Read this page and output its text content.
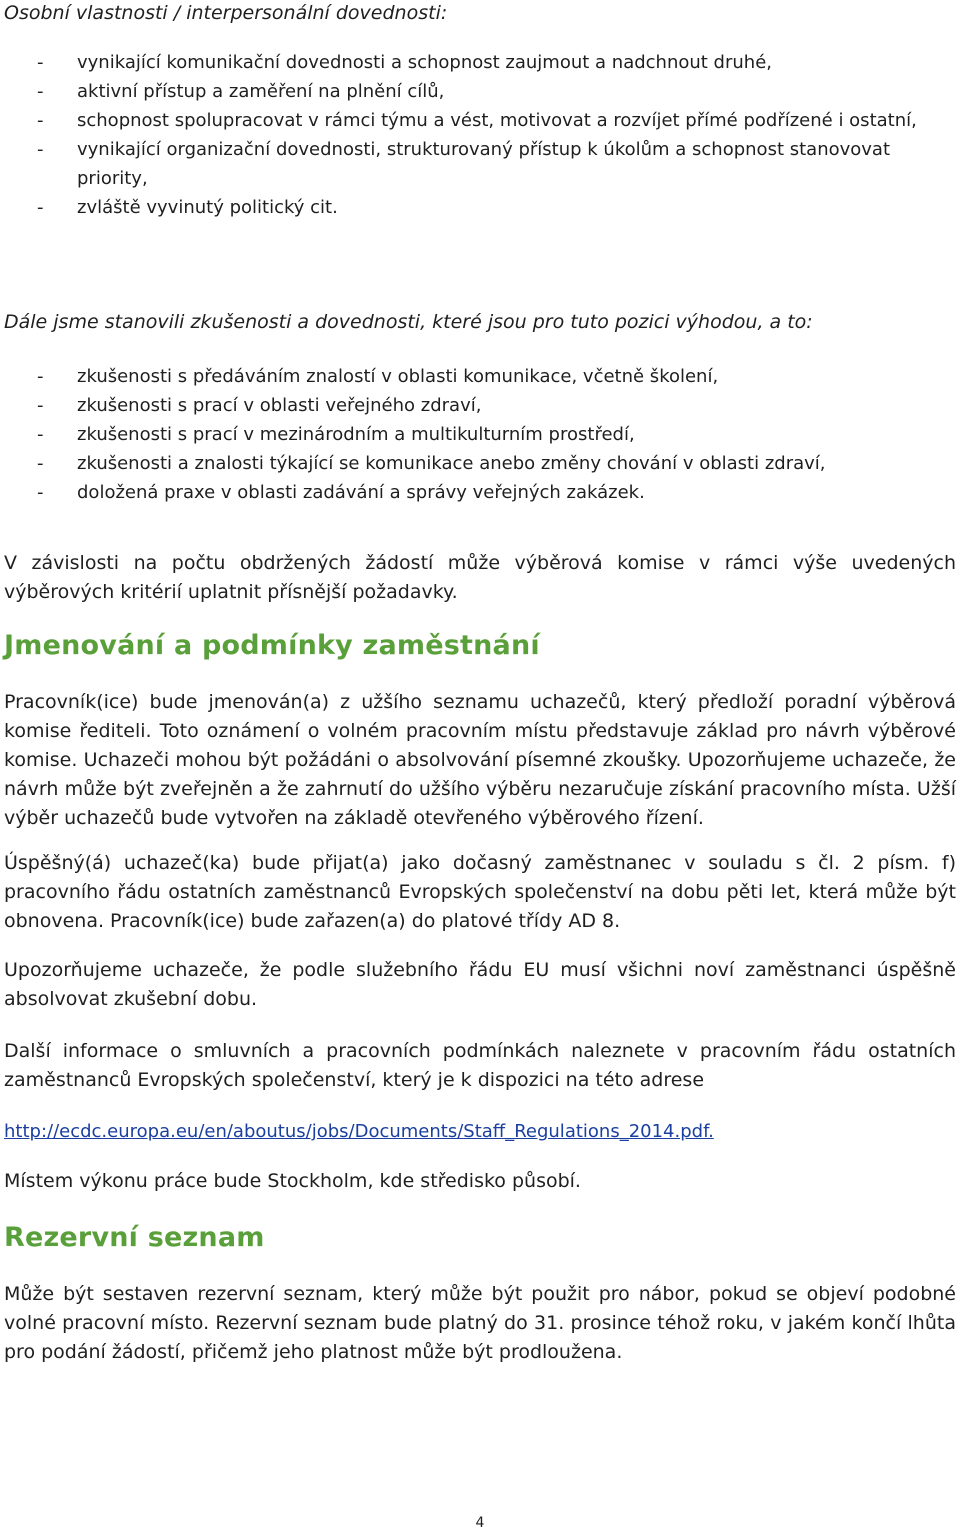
Osobní vlastnosti / interpersonální dovednosti:
-	vynikající komunikační dovednosti a schopnost zaujmout a nadchnout druhé,
-	aktivní přístup a zaměření na plnění cílů,
-	schopnost spolupracovat v rámci týmu a vést, motivovat a rozvíjet přímé podřízené i ostatní,
-	vynikající organizační dovednosti, strukturovaný přístup k úkolům a schopnost stanovovat priority,
-	zvláště vyvinutý politický cit.
Dále jsme stanovili zkušenosti a dovednosti, které jsou pro tuto pozici výhodou, a to:
-	zkušenosti s předáváním znalostí v oblasti komunikace, včetně školení,
-	zkušenosti s prací v oblasti veřejného zdraví,
-	zkušenosti s prací v mezinárodním a multikulturním prostředí,
-	zkušenosti a znalosti týkající se komunikace anebo změny chování v oblasti zdraví,
-	doložená praxe v oblasti zadávání a správy veřejných zakázek.

V závislosti na počtu obdržených žádostí může výběrová komise v rámci výše uvedených výběrových kritérií uplatnit přísnější požadavky.

Jmenování a podmínky zaměstnání

Pracovník(ice) bude jmenován(a) z užšího seznamu uchazečů, který předloží poradní výběrová komise řediteli. Toto oznámení o volném pracovním místu představuje základ pro návrh výběrové komise. Uchazeči mohou být požádáni o absolvování písemné zkoušky. Upozorňujeme uchazeče, že návrh může být zveřejněn a že zahrnutí do užšího výběru nezaručuje získání pracovního místa. Užší výběr uchazečů bude vytvořen na základě otevřeného výběrového řízení.

Úspěšný(á) uchazeč(ka) bude přijat(a) jako dočasný zaměstnanec v souladu s čl. 2 písm. f) pracovního řádu ostatních zaměstnanců Evropských společenství na dobu pěti let, která může být obnovena. Pracovník(ice) bude zařazen(a) do platové třídy AD 8.

Upozorňujeme uchazeče, že podle služebního řádu EU musí všichni noví zaměstnanci úspěšně absolvovat zkušební dobu.

Další informace o smluvních a pracovních podmínkách naleznete v pracovním řádu ostatních zaměstnanců Evropských společenství, který je k dispozici na této adrese

http://ecdc.europa.eu/en/aboutus/jobs/Documents/Staff_Regulations_2014.pdf.

Místem výkonu práce bude Stockholm, kde středisko působí.

Rezervní seznam

Může být sestaven rezervní seznam, který může být použit pro nábor, pokud se objeví podobné volné pracovní místo. Rezervní seznam bude platný do 31. prosince téhož roku, v jakém končí lhůta pro podání žádostí, přičemž jeho platnost může být prodloužena.

4
